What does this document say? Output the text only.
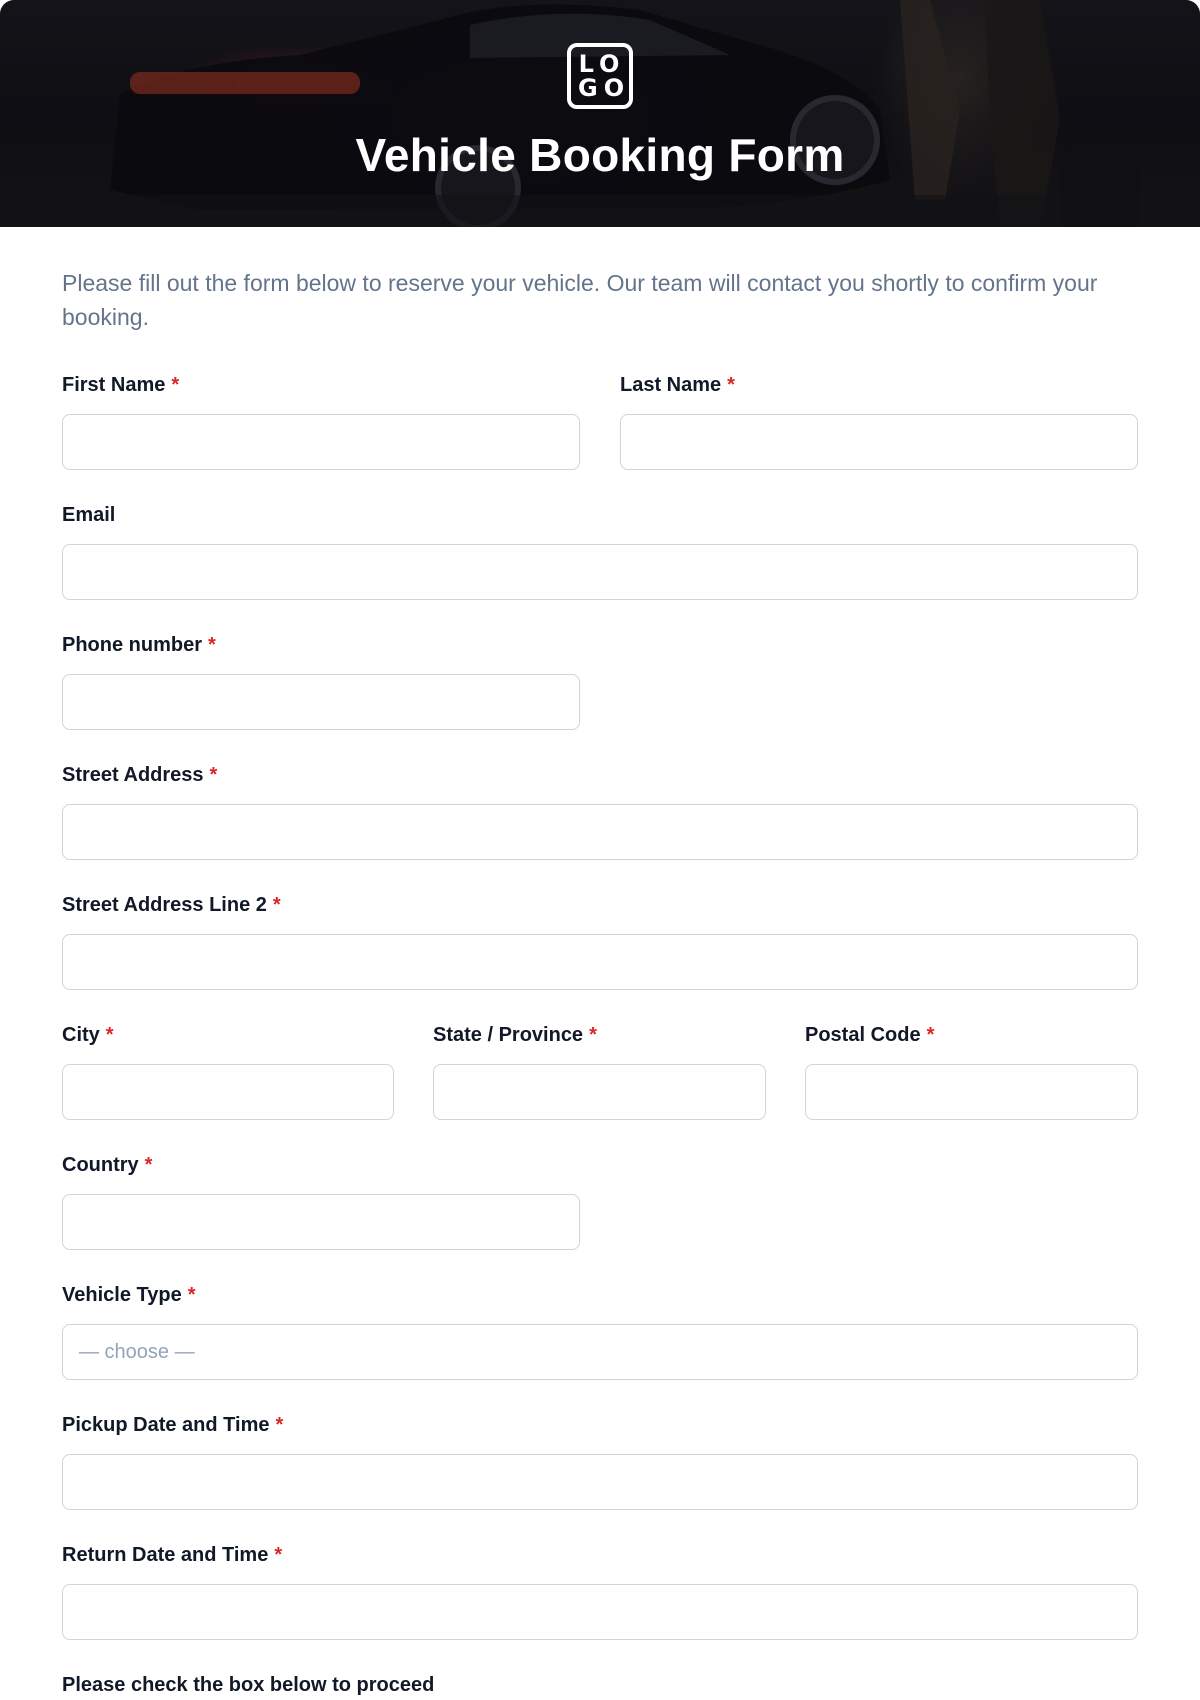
LO
GO
Vehicle Booking Form

Please fill out the form below to reserve your vehicle. Our team will contact you shortly to confirm your booking.

First Name *	Last Name *
Email
Phone number *
Street Address *
Street Address Line 2 *
City *	State / Province *	Postal Code *
Country *
Vehicle Type *
— choose —
Pickup Date and Time *
Return Date and Time *
Please check the box below to proceed
